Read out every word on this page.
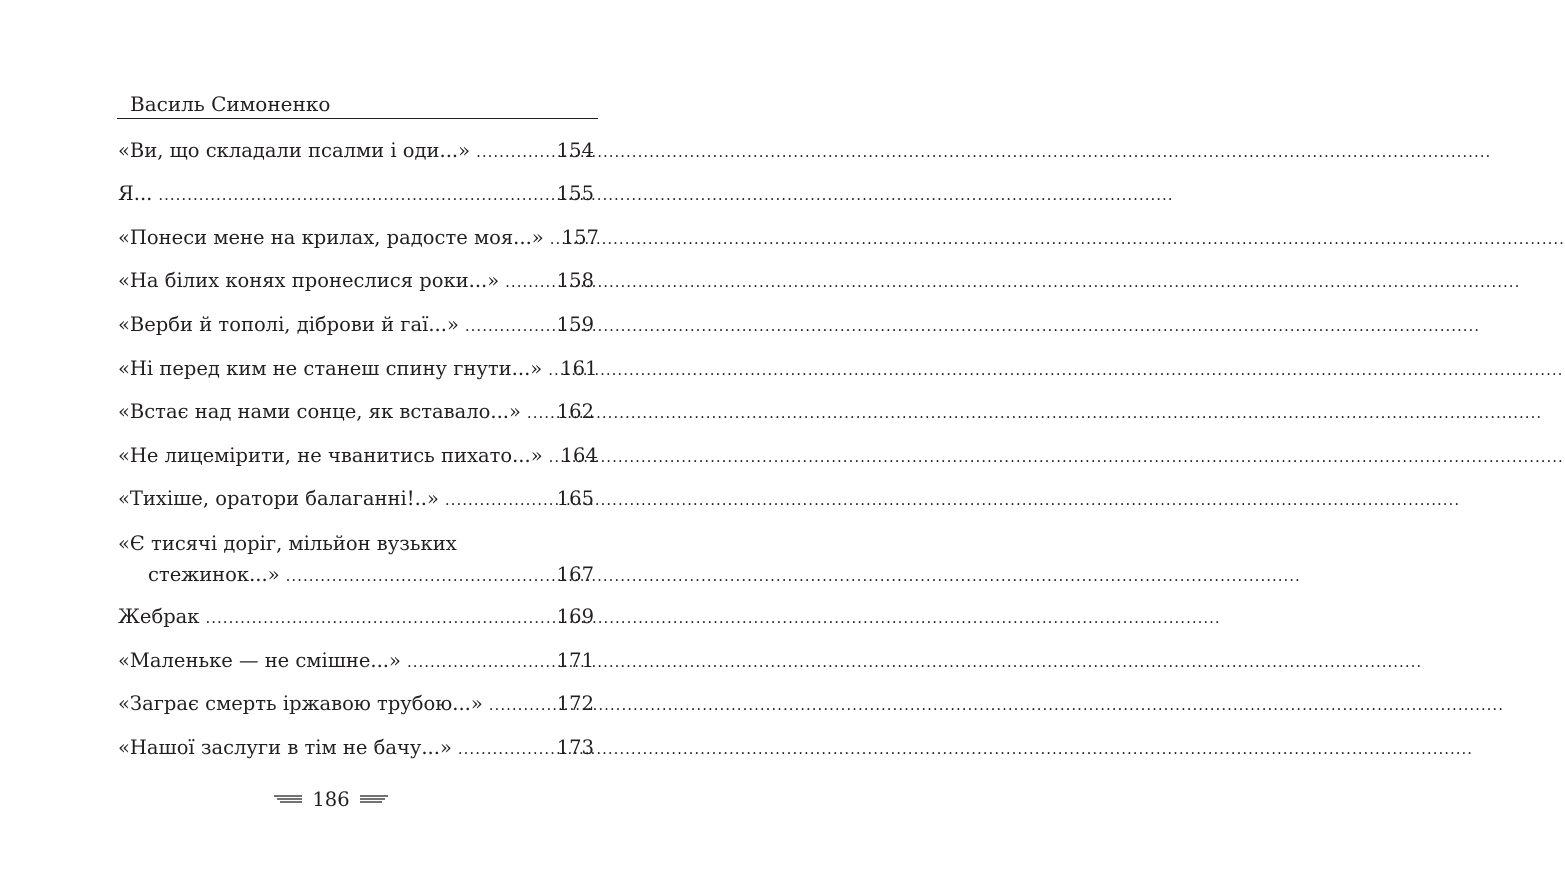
Василь Симоненко
«Ви, що складали псалми і оди...» .....	154
Я... .....	155
«Понеси мене на крилах, радосте моя...» ..... 157
«На білих конях пронеслися роки...» .....	158
«Верби й тополі, діброви й гаї...» .....	159
«Ні перед ким не станеш спину гнути...» ..... 161
«Встає над нами сонце, як вставало...» .....	162
«Не лицемірити, не чванитись пихато...» ..... 164
«Тихіше, оратори балаганні!..» .....	165
«Є тисячі доріг, мільйон вузьких
стежинок...» .....	167
Жебрак .....	169
«Маленьке — не смішне...» .....	171
«Заграє смерть іржавою трубою...» .....	172
«Нашої заслуги в тім не бачу...» .....	173
186
